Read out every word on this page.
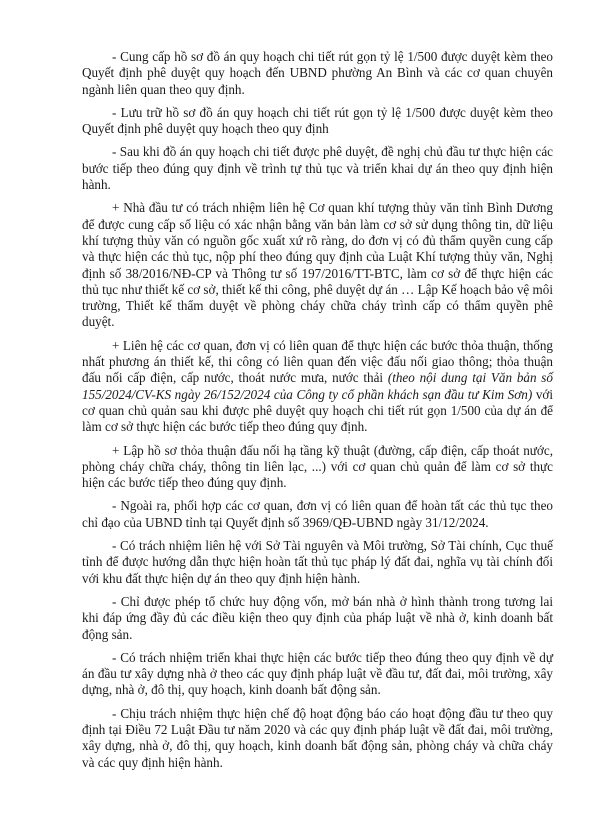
- Cung cấp hồ sơ đồ án quy hoạch chi tiết rút gọn tỷ lệ 1/500 được duyệt kèm theo Quyết định phê duyệt quy hoạch đến UBND phường An Bình và các cơ quan chuyên ngành liên quan theo quy định.

- Lưu trữ hồ sơ đồ án quy hoạch chi tiết rút gọn tỷ lệ 1/500 được duyệt kèm theo Quyết định phê duyệt quy hoạch theo quy định

- Sau khi đồ án quy hoạch chi tiết được phê duyệt, đề nghị chủ đầu tư thực hiện các bước tiếp theo đúng quy định về trình tự thủ tục và triển khai dự án theo quy định hiện hành.

+ Nhà đầu tư có trách nhiệm liên hệ Cơ quan khí tượng thủy văn tỉnh Bình Dương để được cung cấp số liệu có xác nhận bằng văn bản làm cơ sở sử dụng thông tin, dữ liệu khí tượng thủy văn có nguồn gốc xuất xứ rõ ràng, do đơn vị có đủ thẩm quyền cung cấp và thực hiện các thủ tục, nộp phí theo đúng quy định của Luật Khí tượng thủy văn, Nghị định số 38/2016/NĐ-CP và Thông tư số 197/2016/TT-BTC, làm cơ sở để thực hiện các thủ tục như thiết kế cơ sở, thiết kế thi công, phê duyệt dự án … Lập Kế hoạch bảo vệ môi trường, Thiết kế thẩm duyệt về phòng cháy chữa cháy trình cấp có thẩm quyền phê duyệt.

+ Liên hệ các cơ quan, đơn vị có liên quan để thực hiện các bước thỏa thuận, thống nhất phương án thiết kế, thi công có liên quan đến việc đấu nối giao thông; thỏa thuận đấu nối cấp điện, cấp nước, thoát nước mưa, nước thải (theo nội dung tại Văn bản số 155/2024/CV-KS ngày 26/152/2024 của Công ty cổ phần khách sạn đầu tư Kim Sơn) với cơ quan chủ quản sau khi được phê duyệt quy hoạch chi tiết rút gọn 1/500 của dự án để làm cơ sở thực hiện các bước tiếp theo đúng quy định.

+ Lập hồ sơ thỏa thuận đấu nối hạ tầng kỹ thuật (đường, cấp điện, cấp thoát nước, phòng cháy chữa cháy, thông tin liên lạc, ...) với cơ quan chủ quản để làm cơ sở thực hiện các bước tiếp theo đúng quy định.

- Ngoài ra, phối hợp các cơ quan, đơn vị có liên quan để hoàn tất các thủ tục theo chỉ đạo của UBND tỉnh tại Quyết định số 3969/QĐ-UBND ngày 31/12/2024.

- Có trách nhiệm liên hệ với Sở Tài nguyên và Môi trường, Sở Tài chính, Cục thuế tỉnh để được hướng dẫn thực hiện hoàn tất thủ tục pháp lý đất đai, nghĩa vụ tài chính đối với khu đất thực hiện dự án theo quy định hiện hành.

- Chỉ được phép tổ chức huy động vốn, mở bán nhà ở hình thành trong tương lai khi đáp ứng đầy đủ các điều kiện theo quy định của pháp luật về nhà ở, kinh doanh bất động sản.

- Có trách nhiệm triển khai thực hiện các bước tiếp theo đúng theo quy định về dự án đầu tư xây dựng nhà ở theo các quy định pháp luật về đầu tư, đất đai, môi trường, xây dựng, nhà ở, đô thị, quy hoạch, kinh doanh bất động sản.

- Chịu trách nhiệm thực hiện chế độ hoạt động báo cáo hoạt động đầu tư theo quy định tại Điều 72 Luật Đầu tư năm 2020 và các quy định pháp luật về đất đai, môi trường, xây dựng, nhà ở, đô thị, quy hoạch, kinh doanh bất động sản, phòng cháy và chữa cháy và các quy định hiện hành.
